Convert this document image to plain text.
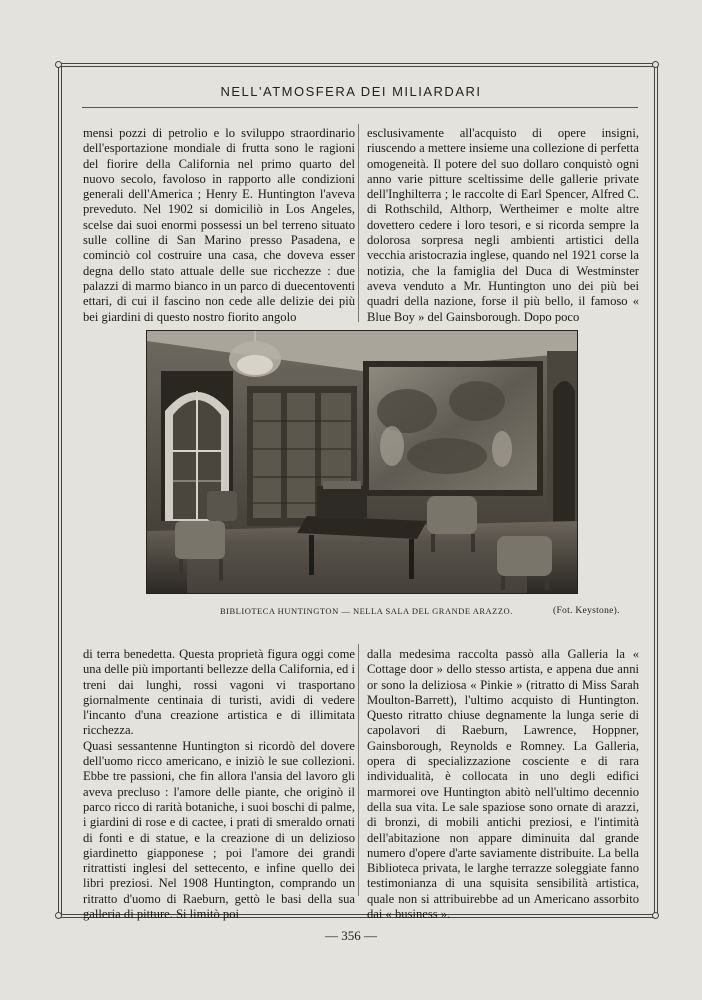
NELL'ATMOSFERA DEI MILIARDARI

mensi pozzi di petrolio e lo sviluppo straordinario dell'esportazione mondiale di frutta sono le ragioni del fiorire della California nel primo quarto del nuovo secolo, favoloso in rapporto alle condizioni generali dell'America ; Henry E. Huntington l'aveva preveduto. Nel 1902 si domiciliò in Los Angeles, scelse dai suoi enormi possessi un bel terreno situato sulle colline di San Marino presso Pasadena, e cominciò col costruire una casa, che doveva esser degna dello stato attuale delle sue ricchezze : due palazzi di marmo bianco in un parco di duecentoventi ettari, di cui il fascino non cede alle delizie dei più bei giardini di questo nostro fiorito angolo

esclusivamente all'acquisto di opere insigni, riuscendo a mettere insieme una collezione di perfetta omogeneità. Il potere del suo dollaro conquistò ogni anno varie pitture sceltissime delle gallerie private dell'Inghilterra ; le raccolte di Earl Spencer, Alfred C. di Rothschild, Althorp, Wertheimer e molte altre dovettero cedere i loro tesori, e si ricorda sempre la dolorosa sorpresa negli ambienti artistici della vecchia aristocrazia inglese, quando nel 1921 corse la notizia, che la famiglia del Duca di Westminster aveva venduto a Mr. Huntington uno dei più bei quadri della nazione, forse il più bello, il famoso « Blue Boy » del Gainsborough. Dopo poco

BIBLIOTECA HUNTINGTON — NELLA SALA DEL GRANDE ARAZZO.	(Fot. Keystone).

di terra benedetta. Questa proprietà figura oggi come una delle più importanti bellezze della California, ed i treni dai lunghi, rossi vagoni vi trasportano giornalmente centinaia di turisti, avidi di vedere l'incanto d'una creazione artistica e di illimitata ricchezza.

Quasi sessantenne Huntington si ricordò del dovere dell'uomo ricco americano, e iniziò le sue collezioni. Ebbe tre passioni, che fin allora l'ansia del lavoro gli aveva precluso : l'amore delle piante, che originò il parco ricco di rarità botaniche, i suoi boschi di palme, i giardini di rose e di cactee, i prati di smeraldo ornati di fonti e di statue, e la creazione di un delizioso giardinetto giapponese ; poi l'amore dei grandi ritrattisti inglesi del settecento, e infine quello dei libri preziosi. Nel 1908 Huntington, comprando un ritratto d'uomo di Raeburn, gettò le basi della sua galleria di pitture. Si limitò poi

dalla medesima raccolta passò alla Galleria la « Cottage door » dello stesso artista, e appena due anni or sono la deliziosa « Pinkie » (ritratto di Miss Sarah Moulton-Barrett), l'ultimo acquisto di Huntington. Questo ritratto chiuse degnamente la lunga serie di capolavori di Raeburn, Lawrence, Hoppner, Gainsborough, Reynolds e Romney. La Galleria, opera di specializzazione cosciente e di rara individualità, è collocata in uno degli edifici marmorei ove Huntington abitò nell'ultimo decennio della sua vita. Le sale spaziose sono ornate di arazzi, di bronzi, di mobili antichi preziosi, e l'intimità dell'abitazione non appare diminuita dal grande numero d'opere d'arte saviamente distribuite. La bella Biblioteca privata, le larghe terrazze soleggiate fanno testimonianza di una squisita sensibilità artistica, quale non si attribuirebbe ad un Americano assorbito dai « business ».

— 356 —
